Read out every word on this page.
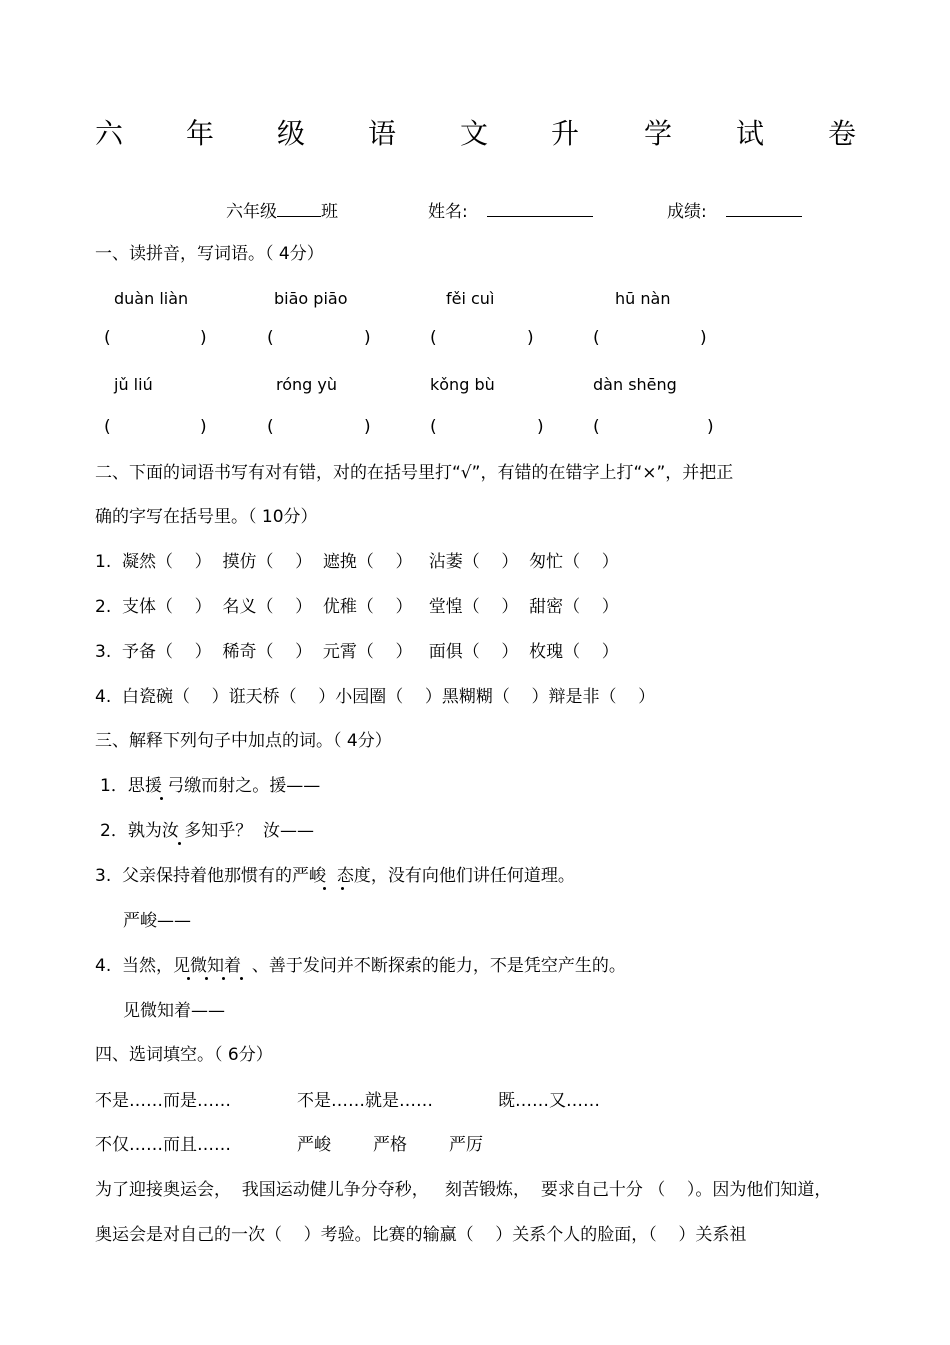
六 年 级 语 文 升 学 试 卷
六年级	班	姓名:	成绩:
一、读拼音，写词语。（ 4分）
duàn liàn	biāo piāo	fěi cuì	hū nàn
(	)	(	)	(	)	(	)
jǔ liú	róng yù	kǒng bù	dàn shēng
(	)	(	)	(	)	(	)
二、下面的词语书写有对有错，对的在括号里打“√”，有错的在错字上打“×”，并把正
确的字写在括号里。（ 10分）
1.  凝然（    ）  摸仿（    ）  遮挽（    ）   沾萎（    ）  匆忙（    ）
2.  支体（    ）  名义（    ）  优稚（    ）   堂惶（    ）  甜密（    ）
3.  予备（    ）  稀奇（    ）  元霄（    ）   面俱（    ）  枚瑰（    ）
4.  白瓷碗（    ）诳天桥（    ）小园圈（    ）黑糊糊（    ）辩是非（    ）
三、解释下列句子中加点的词。（ 4分）
1．思援 弓缴而射之。援——
2．孰为汝 多知乎？  汝——
3.  父亲保持着他那惯有的严峻  态度，没有向他们讲任何道理。
严峻——
4.  当然，见微知着  、善于发问并不断探索的能力，不是凭空产生的。
见微知着——
四、选词填空。（ 6分）
不是……而是……	不是……就是……	既……又……
不仅……而且……	严峻 严格 严厉
为了迎接奥运会，  我国运动健儿争分夺秒，   刻苦锻炼，  要求自己十分 （    ）。因为他们知道，
奥运会是对自己的一次（    ）考验。比赛的输赢（    ）关系个人的脸面，（    ）关系祖
